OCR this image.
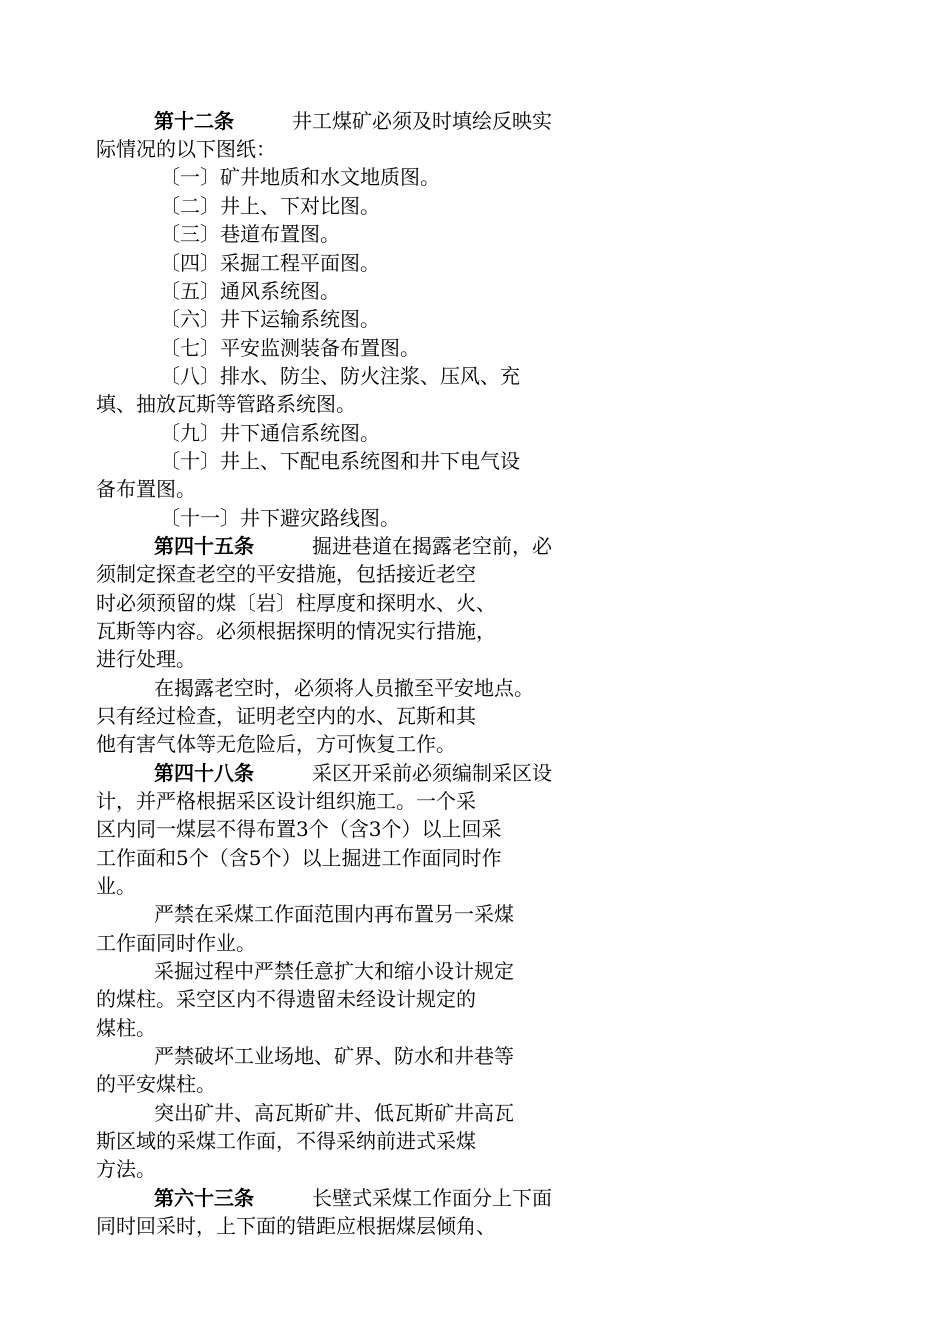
第十二条	井工煤矿必须及时填绘反映实
际情况的以下图纸：
〔一〕矿井地质和水文地质图。
〔二〕井上、下对比图。
〔三〕巷道布置图。
〔四〕采掘工程平面图。
〔五〕通风系统图。
〔六〕井下运输系统图。
〔七〕平安监测装备布置图。
〔八〕排水、防尘、防火注浆、压风、充
填、抽放瓦斯等管路系统图。
〔九〕井下通信系统图。
〔十〕井上、下配电系统图和井下电气设
备布置图。
〔十一〕井下避灾路线图。
第四十五条	掘进巷道在揭露老空前，必
须制定探查老空的平安措施，包括接近老空
时必须预留的煤〔岩〕柱厚度和探明水、火、
瓦斯等内容。必须根据探明的情况实行措施，
进行处理。
在揭露老空时，必须将人员撤至平安地点。
只有经过检查，证明老空内的水、瓦斯和其
他有害气体等无危险后，方可恢复工作。
第四十八条	采区开采前必须编制采区设
计，并严格根据采区设计组织施工。一个采
区内同一煤层不得布置3个（含3个）以上回采
工作面和5个（含5个）以上掘进工作面同时作
业。
严禁在采煤工作面范围内再布置另一采煤
工作面同时作业。
采掘过程中严禁任意扩大和缩小设计规定
的煤柱。采空区内不得遗留未经设计规定的
煤柱。
严禁破坏工业场地、矿界、防水和井巷等
的平安煤柱。
突出矿井、高瓦斯矿井、低瓦斯矿井高瓦
斯区域的采煤工作面，不得采纳前进式采煤
方法。
第六十三条	长壁式采煤工作面分上下面
同时回采时，上下面的错距应根据煤层倾角、
